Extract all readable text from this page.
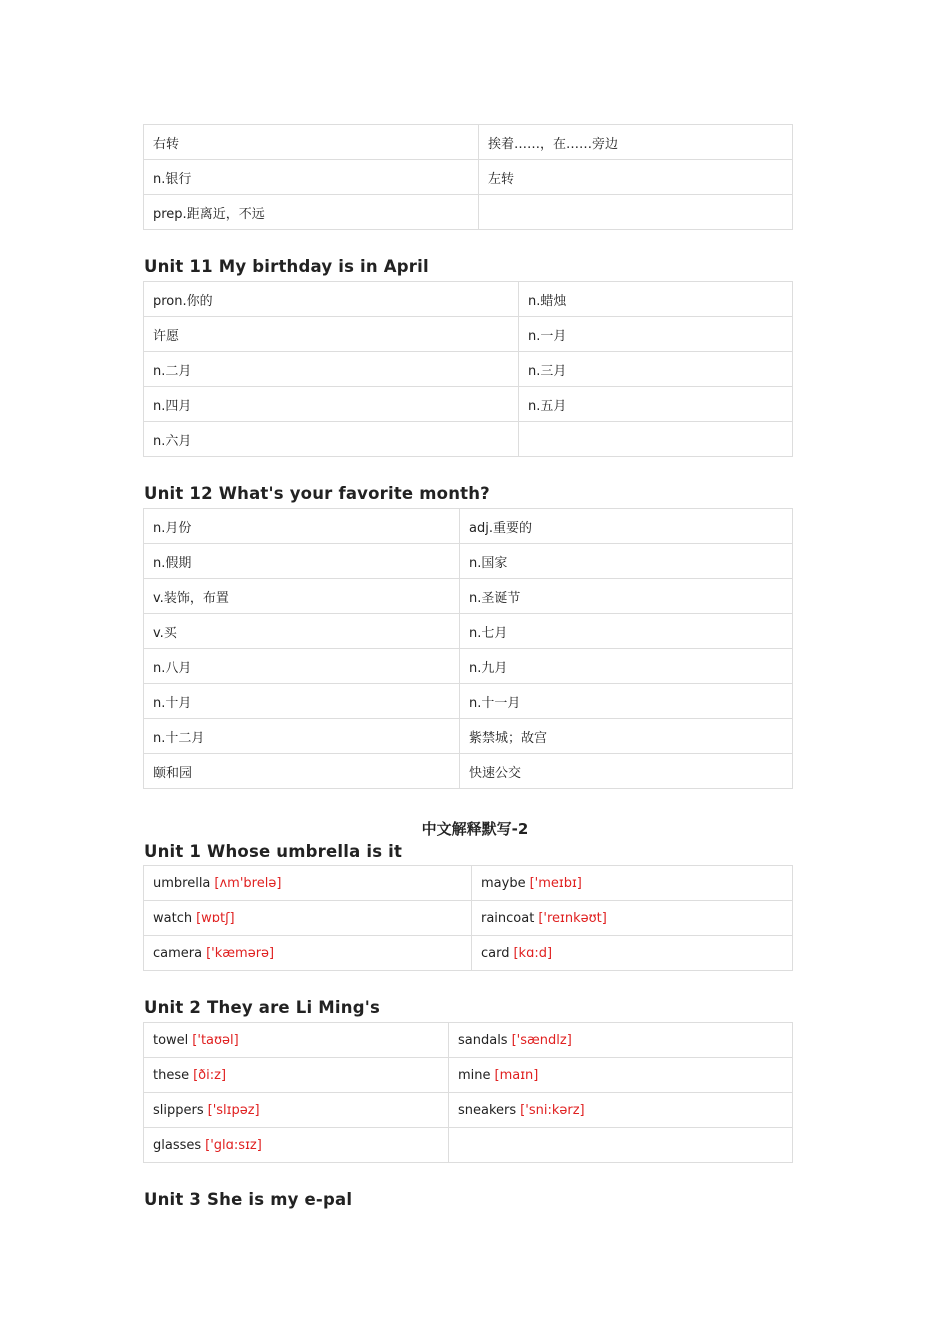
右转	挨着……，在……旁边
n.银行	左转
prep.距离近，不远	
Unit 11 My birthday is in April
pron.你的	n.蜡烛
许愿	n.一月
n.二月	n.三月
n.四月	n.五月
n.六月	
Unit 12 What's your favorite month?
n.月份	adj.重要的
n.假期	n.国家
v.装饰，布置	n.圣诞节
v.买	n.七月
n.八月	n.九月
n.十月	n.十一月
n.十二月	紫禁城；故宫
颐和园	快速公交
中文解释默写-2
Unit 1 Whose umbrella is it
umbrella [ʌm'brelə]	maybe ['meɪbɪ]
watch [wɒtʃ]	raincoat ['reɪnkəʊt]
camera ['kæmərə]	card [kɑ:d]
Unit 2 They are Li Ming's
towel ['taʊəl]	sandals ['sændlz]
these [ði:z]	mine [maɪn]
slippers ['slɪpəz]	sneakers ['sni:kərz]
glasses ['glɑ:sɪz]	
Unit 3 She is my e-pal
